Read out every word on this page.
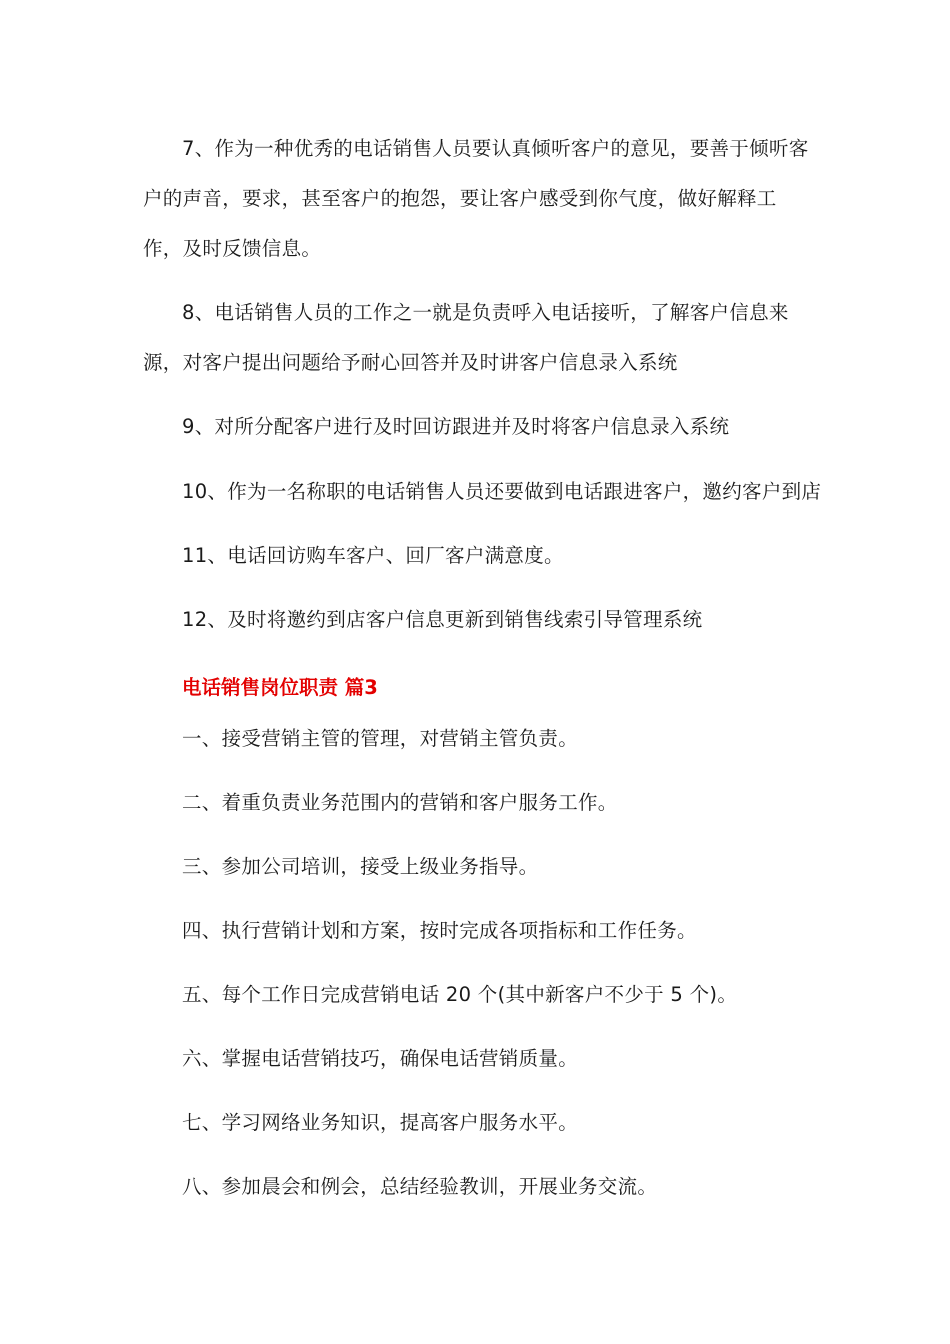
7、作为一种优秀的电话销售人员要认真倾听客户的意见，要善于倾听客户的声音，要求，甚至客户的抱怨，要让客户感受到你气度，做好解释工作，及时反馈信息。

8、电话销售人员的工作之一就是负责呼入电话接听，了解客户信息来源，对客户提出问题给予耐心回答并及时讲客户信息录入系统

9、对所分配客户进行及时回访跟进并及时将客户信息录入系统

10、作为一名称职的电话销售人员还要做到电话跟进客户，邀约客户到店

11、电话回访购车客户、回厂客户满意度。

12、及时将邀约到店客户信息更新到销售线索引导管理系统

电话销售岗位职责 篇3

一、接受营销主管的管理，对营销主管负责。

二、着重负责业务范围内的营销和客户服务工作。

三、参加公司培训，接受上级业务指导。

四、执行营销计划和方案，按时完成各项指标和工作任务。

五、每个工作日完成营销电话 20 个(其中新客户不少于 5 个)。

六、掌握电话营销技巧，确保电话营销质量。

七、学习网络业务知识，提高客户服务水平。

八、参加晨会和例会，总结经验教训，开展业务交流。
